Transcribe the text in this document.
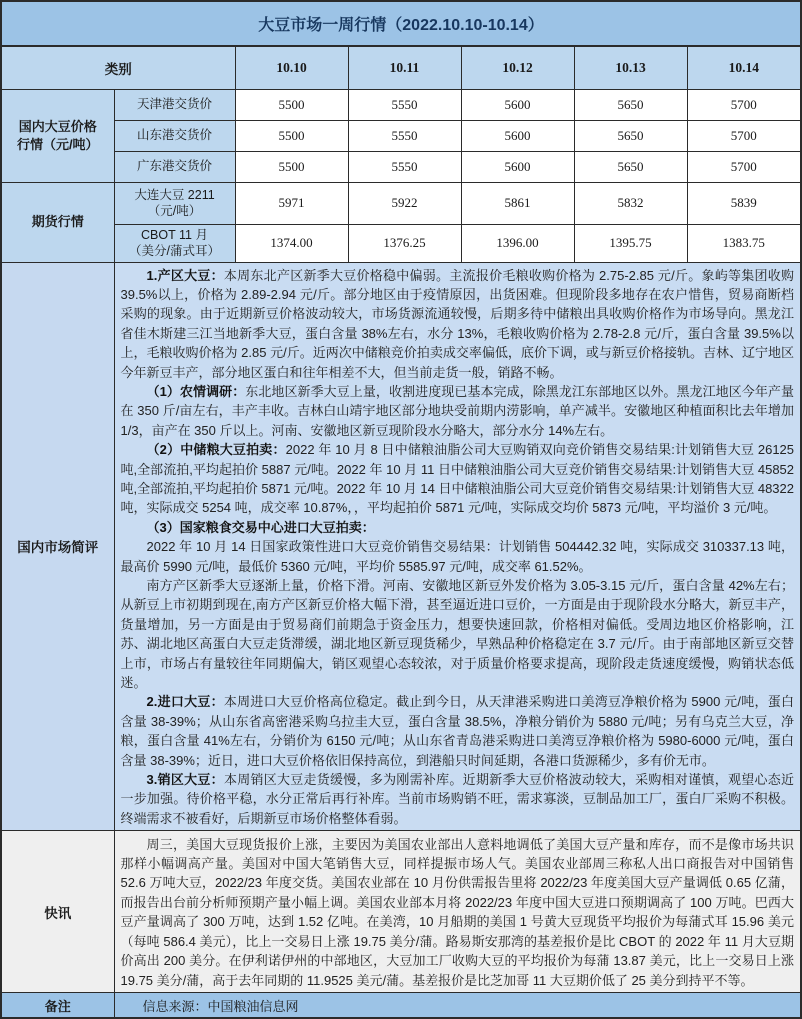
大豆市场一周行情（2022.10.10-10.14）						
类别		10.10	10.11	10.12	10.13	10.14

国内大豆价格
行情（元/吨）	天津港交货价	5500	5550	5600	5650	5700
	山东港交货价	5500	5550	5600	5650	5700
	广东港交货价	5500	5550	5600	5650	5700
期货行情	大连大豆 2211
（元/吨）	5971	5922	5861	5832	5839

	CBOT 11 月
（美分/蒲式耳）	1374.00	1376.25	1396.00	1395.75	1383.75
国内市场简评	

1.产区大豆：本周东北产区新季大豆价格稳中偏弱。主流报价毛粮收购价格为 2.75-2.85 元/斤。象屿等集团收购 39.5%以上，价格为 2.89-2.94 元/斤。部分地区由于疫情原因，出货困难。但现阶段多地存在农户惜售，贸易商断档采购的现象。由于近期新豆价格波动较大，市场货源流通较慢，后期多待中储粮出具收购价格作为市场导向。黑龙江省佳木斯建三江当地新季大豆，蛋白含量 38%左右，水分 13%，毛粮收购价格为 2.78-2.8 元/斤，蛋白含量 39.5%以上，毛粮收购价格为 2.85 元/斤。近两次中储粮竞价拍卖成交率偏低，底价下调，或与新豆价格接轨。吉林、辽宁地区今年新豆丰产，部分地区蛋白和往年相差不大，但当前走货一般，销路不畅。

（1）农情调研：东北地区新季大豆上量，收割进度现已基本完成，除黑龙江东部地区以外。黑龙江地区今年产量在 350 斤/亩左右，丰产丰收。吉林白山靖宇地区部分地块受前期内涝影响，单产减半。安徽地区种植面积比去年增加 1/3，亩产在 350 斤以上。河南、安徽地区新豆现阶段水分略大，部分水分 14%左右。

（2）中储粮大豆拍卖：2022 年 10 月 8 日中储粮油脂公司大豆购销双向竞价销售交易结果:计划销售大豆 26125 吨,全部流拍,平均起拍价 5887 元/吨。2022 年 10 月 11 日中储粮油脂公司大豆竞价销售交易结果:计划销售大豆 45852 吨,全部流拍,平均起拍价 5871 元/吨。2022 年 10 月 14 日中储粮油脂公司大豆竞价销售交易结果:计划销售大豆 48322 吨，实际成交 5254 吨，成交率 10.87%，，平均起拍价 5871 元/吨，实际成交均价 5873 元/吨，平均溢价 3 元/吨。

（3）国家粮食交易中心进口大豆拍卖：

2022 年 10 月 14 日国家政策性进口大豆竞价销售交易结果：计划销售 504442.32 吨，实际成交 310337.13 吨，最高价 5990 元/吨，最低价 5360 元/吨，平均价 5585.97 元/吨，成交率 61.52%。

南方产区新季大豆逐渐上量，价格下滑。河南、安徽地区新豆外发价格为 3.05-3.15 元/斤，蛋白含量 42%左右；从新豆上市初期到现在,南方产区新豆价格大幅下滑，甚至逼近进口豆价，一方面是由于现阶段水分略大，新豆丰产，货量增加，另一方面是由于贸易商们前期急于资金压力，想要快速回款，价格相对偏低。受周边地区价格影响，江苏、湖北地区高蛋白大豆走货滞缓，湖北地区新豆现货稀少，早熟品种价格稳定在 3.7 元/斤。由于南部地区新豆交替上市，市场占有量较往年同期偏大，销区观望心态较浓，对于质量价格要求提高，现阶段走货速度缓慢，购销状态低迷。

2.进口大豆：本周进口大豆价格高位稳定。截止到今日，从天津港采购进口美湾豆净粮价格为 5900 元/吨，蛋白含量 38-39%；从山东省高密港采购乌拉圭大豆，蛋白含量 38.5%，净粮分销价为 5880 元/吨；另有乌克兰大豆，净粮，蛋白含量 41%左右，分销价为 6150 元/吨；从山东省青岛港采购进口美湾豆净粮价格为 5980-6000 元/吨，蛋白含量 38-39%；近日，进口大豆价格依旧保持高位，到港船只时间延期，各港口货源稀少，多有价无市。

3.销区大豆：本周销区大豆走货缓慢，多为刚需补库。近期新季大豆价格波动较大，采购相对谨慎，观望心态近一步加强。待价格平稳，水分正常后再行补库。当前市场购销不旺，需求寡淡，豆制品加工厂，蛋白厂采购不积极。终端需求不被看好，后期新豆市场价格整体看弱。

快讯	周三，美国大豆现货报价上涨，主要因为美国农业部出人意料地调低了美国大豆产量和库存，而不是像市场共识那样小幅调高产量。美国对中国大笔销售大豆，同样提振市场人气。美国农业部周三称私人出口商报告对中国销售 52.6 万吨大豆，2022/23 年度交货。美国农业部在 10 月份供需报告里将 2022/23 年度美国大豆产量调低 0.65 亿蒲，而报告出台前分析师预期产量小幅上调。美国农业部本月将 2022/23 年度中国大豆进口预期调高了 100 万吨。巴西大豆产量调高了 300 万吨，达到 1.52 亿吨。在美湾，10 月船期的美国 1 号黄大豆现货平均报价为每蒲式耳 15.96 美元（每吨 586.4 美元），比上一交易日上涨 19.75 美分/蒲。路易斯安那湾的基差报价是比 CBOT 的 2022 年 11 月大豆期价高出 200 美分。在伊利诺伊州的中部地区，大豆加工厂收购大豆的平均报价为每蒲 13.87 美元，比上一交易日上涨 19.75 美分/蒲，高于去年同期的 11.9525 美元/蒲。基差报价是比芝加哥 11 大豆期价低了 25 美分到持平不等。					

备注	信息来源：中国粮油信息网					
